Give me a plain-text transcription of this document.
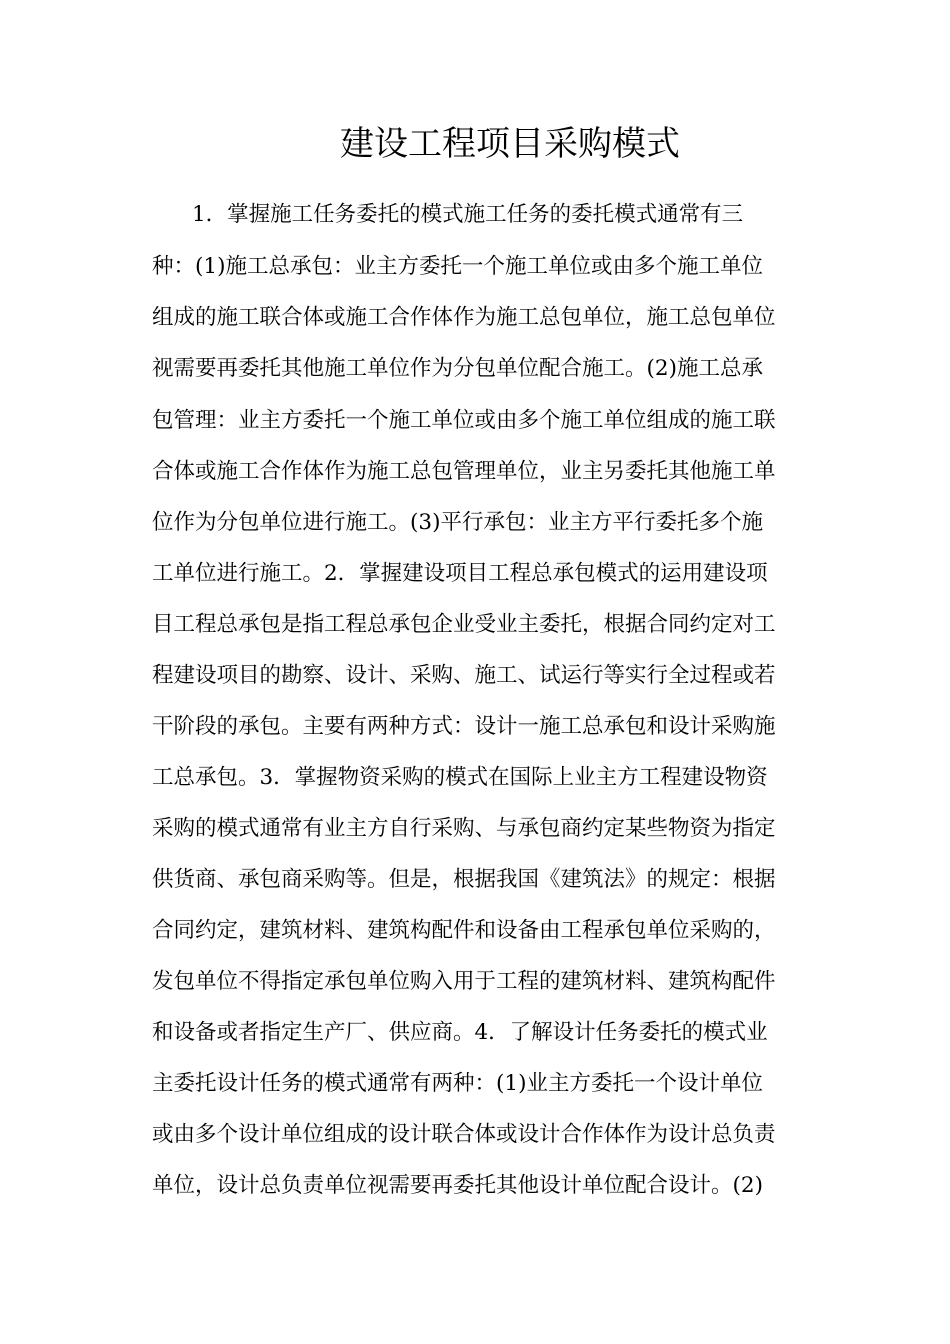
建设工程项目采购模式
1．掌握施工任务委托的模式施工任务的委托模式通常有三
种：(1)施工总承包：业主方委托一个施工单位或由多个施工单位
组成的施工联合体或施工合作体作为施工总包单位，施工总包单位
视需要再委托其他施工单位作为分包单位配合施工。(2)施工总承
包管理：业主方委托一个施工单位或由多个施工单位组成的施工联
合体或施工合作体作为施工总包管理单位，业主另委托其他施工单
位作为分包单位进行施工。(3)平行承包：业主方平行委托多个施
工单位进行施工。2．掌握建设项目工程总承包模式的运用建设项
目工程总承包是指工程总承包企业受业主委托，根据合同约定对工
程建设项目的勘察、设计、采购、施工、试运行等实行全过程或若
干阶段的承包。主要有两种方式：设计一施工总承包和设计采购施
工总承包。3．掌握物资采购的模式在国际上业主方工程建设物资
采购的模式通常有业主方自行采购、与承包商约定某些物资为指定
供货商、承包商采购等。但是，根据我国《建筑法》的规定：根据
合同约定，建筑材料、建筑构配件和设备由工程承包单位采购的，
发包单位不得指定承包单位购入用于工程的建筑材料、建筑构配件
和设备或者指定生产厂、供应商。4．了解设计任务委托的模式业
主委托设计任务的模式通常有两种：(1)业主方委托一个设计单位
或由多个设计单位组成的设计联合体或设计合作体作为设计总负责
单位，设计总负责单位视需要再委托其他设计单位配合设计。(2)
